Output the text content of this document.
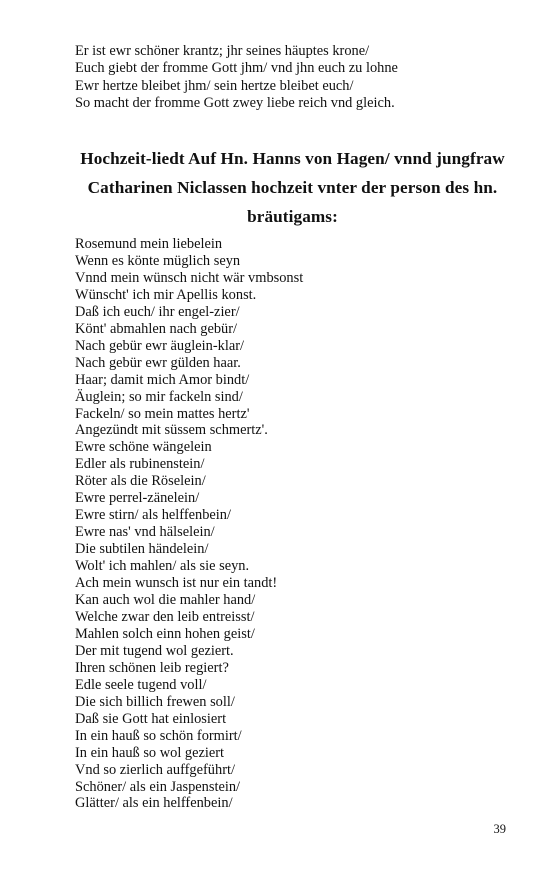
Er ist ewr schöner krantz; jhr seines häuptes krone/
Euch giebt der fromme Gott jhm/ vnd jhn euch zu lohne
Ewr hertze bleibet jhm/ sein hertze bleibet euch/
So macht der fromme Gott zwey liebe reich vnd gleich.
Hochzeit-liedt Auf Hn. Hanns von Hagen/ vnnd jungfraw
Catharinen Niclassen hochzeit vnter der person des hn.
bräutigams:
Rosemund mein liebelein
Wenn es könte müglich seyn
Vnnd mein wünsch nicht wär vmbsonst
Wünscht' ich mir Apellis konst.
Daß ich euch/ ihr engel-zier/
Könt' abmahlen nach gebür/
Nach gebür ewr äuglein-klar/
Nach gebür ewr gülden haar.
Haar; damit mich Amor bindt/
Äuglein; so mir fackeln sind/
Fackeln/ so mein mattes hertz'
Angezündt mit süssem schmertz'.
Ewre schöne wängelein
Edler als rubinenstein/
Röter als die Röselein/
Ewre perrel-zänelein/
Ewre stirn/ als helffenbein/
Ewre nas' vnd hälselein/
Die subtilen händelein/
Wolt' ich mahlen/ als sie seyn.
Ach mein wunsch ist nur ein tandt!
Kan auch wol die mahler hand/
Welche zwar den leib entreisst/
Mahlen solch einn hohen geist/
Der mit tugend wol geziert.
Ihren schönen leib regiert?
Edle seele tugend voll/
Die sich billich frewen soll/
Daß sie Gott hat einlosiert
In ein hauß so schön formirt/
In ein hauß so wol geziert
Vnd so zierlich auffgeführt/
Schöner/ als ein Jaspenstein/
Glätter/ als ein helffenbein/
39
